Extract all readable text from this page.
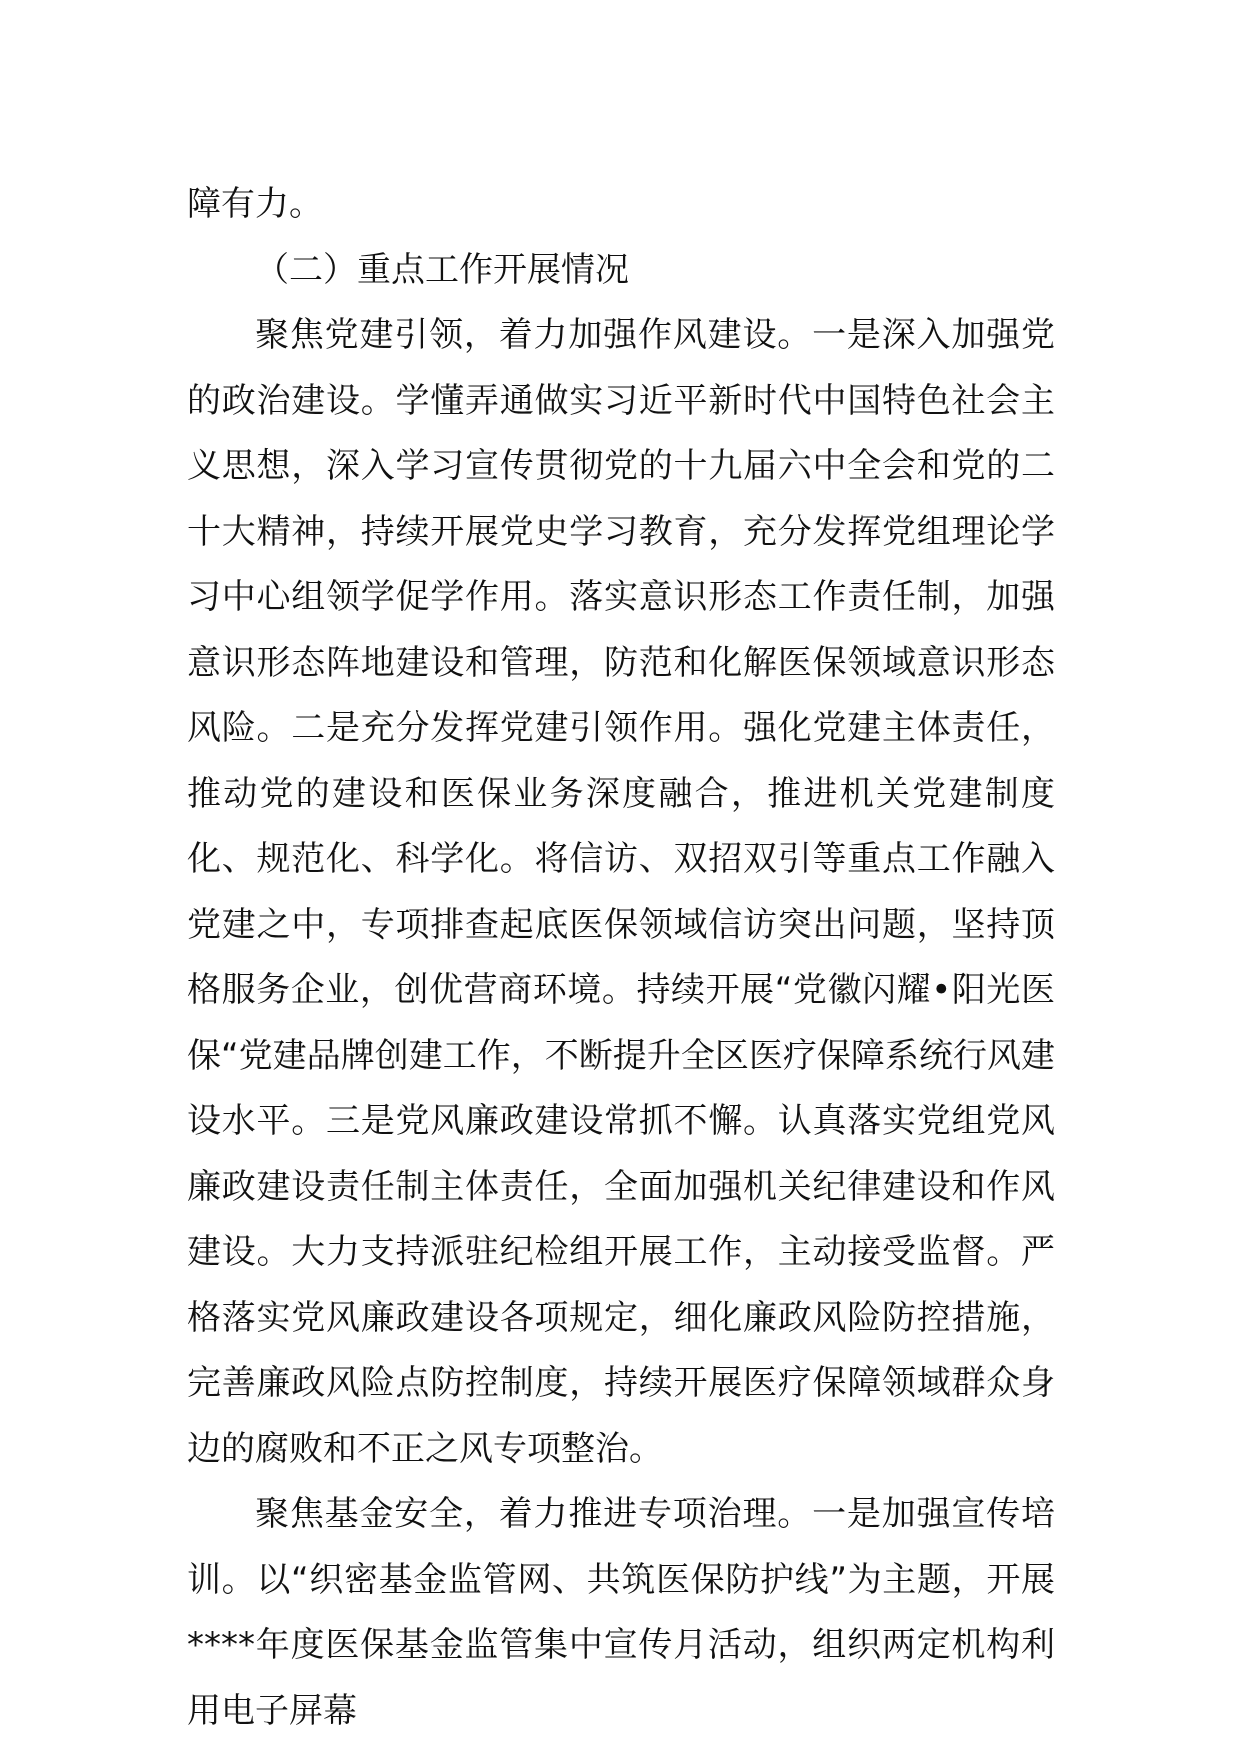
障有力。

（二）重点工作开展情况

聚焦党建引领，着力加强作风建设。一是深入加强党的政治建设。学懂弄通做实习近平新时代中国特色社会主义思想，深入学习宣传贯彻党的十九届六中全会和党的二十大精神，持续开展党史学习教育，充分发挥党组理论学习中心组领学促学作用。落实意识形态工作责任制，加强意识形态阵地建设和管理，防范和化解医保领域意识形态风险。二是充分发挥党建引领作用。强化党建主体责任，推动党的建设和医保业务深度融合，推进机关党建制度化、规范化、科学化。将信访、双招双引等重点工作融入党建之中，专项排查起底医保领域信访突出问题，坚持顶格服务企业，创优营商环境。持续开展“党徽闪耀•阳光医保“党建品牌创建工作，不断提升全区医疗保障系统行风建设水平。三是党风廉政建设常抓不懈。认真落实党组党风廉政建设责任制主体责任，全面加强机关纪律建设和作风建设。大力支持派驻纪检组开展工作，主动接受监督。严格落实党风廉政建设各项规定，细化廉政风险防控措施，完善廉政风险点防控制度，持续开展医疗保障领域群众身边的腐败和不正之风专项整治。

聚焦基金安全，着力推进专项治理。一是加强宣传培训。以“织密基金监管网、共筑医保防护线”为主题，开展****年度医保基金监管集中宣传月活动，组织两定机构利用电子屏幕
